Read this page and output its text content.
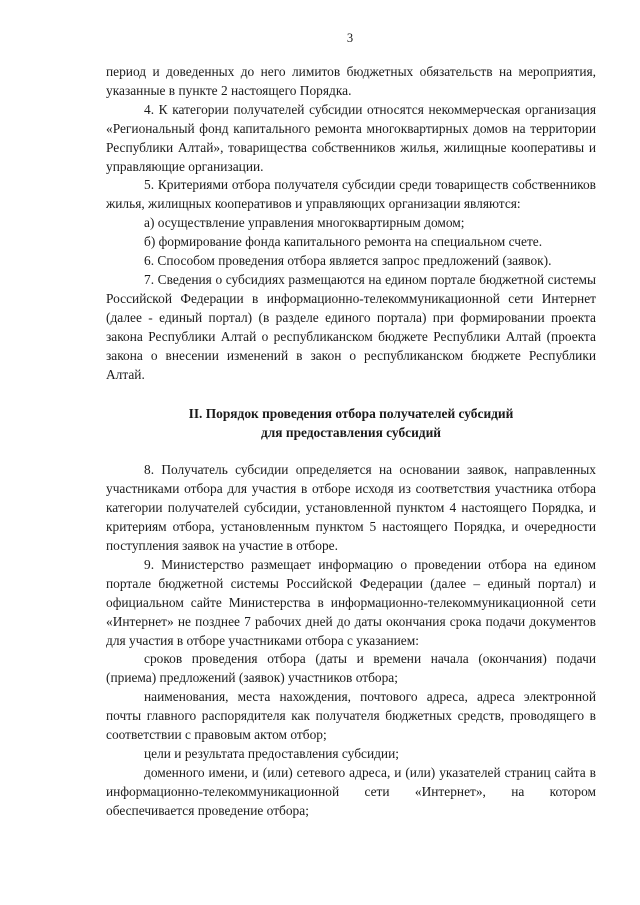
3

период и доведенных до него лимитов бюджетных обязательств на мероприятия, указанные в пункте 2 настоящего Порядка.

4. К категории получателей субсидии относятся некоммерческая организация «Региональный фонд капитального ремонта многоквартирных домов на территории Республики Алтай», товарищества собственников жилья, жилищные кооперативы и управляющие организации.

5. Критериями отбора получателя субсидии среди товариществ собственников жилья, жилищных кооперативов и управляющих организации являются:

а) осуществление управления многоквартирным домом;

б) формирование фонда капитального ремонта на специальном счете.

6. Способом проведения отбора является запрос предложений (заявок).

7. Сведения о субсидиях размещаются на едином портале бюджетной системы Российской Федерации в информационно-телекоммуникационной сети Интернет (далее - единый портал) (в разделе единого портала) при формировании проекта закона Республики Алтай о республиканском бюджете Республики Алтай (проекта закона о внесении изменений в закон о республиканском бюджете Республики Алтай.

II. Порядок проведения отбора получателей субсидий
для предоставления субсидий

8. Получатель субсидии определяется на основании заявок, направленных участниками отбора для участия в отборе исходя из соответствия участника отбора категории получателей субсидии, установленной пунктом 4 настоящего Порядка, и критериям отбора, установленным пунктом 5 настоящего Порядка, и очередности поступления заявок на участие в отборе.

9. Министерство размещает информацию о проведении отбора на едином портале бюджетной системы Российской Федерации (далее – единый портал) и официальном сайте Министерства в информационно-телекоммуникационной сети «Интернет» не позднее 7 рабочих дней до даты окончания срока подачи документов для участия в отборе участниками отбора с указанием:

сроков проведения отбора (даты и времени начала (окончания) подачи (приема) предложений (заявок) участников отбора;

наименования, места нахождения, почтового адреса, адреса электронной почты главного распорядителя как получателя бюджетных средств, проводящего в соответствии с правовым актом отбор;

цели и результата предоставления субсидии;

доменного имени, и (или) сетевого адреса, и (или) указателей страниц сайта в информационно-телекоммуникационной сети «Интернет», на котором обеспечивается проведение отбора;
